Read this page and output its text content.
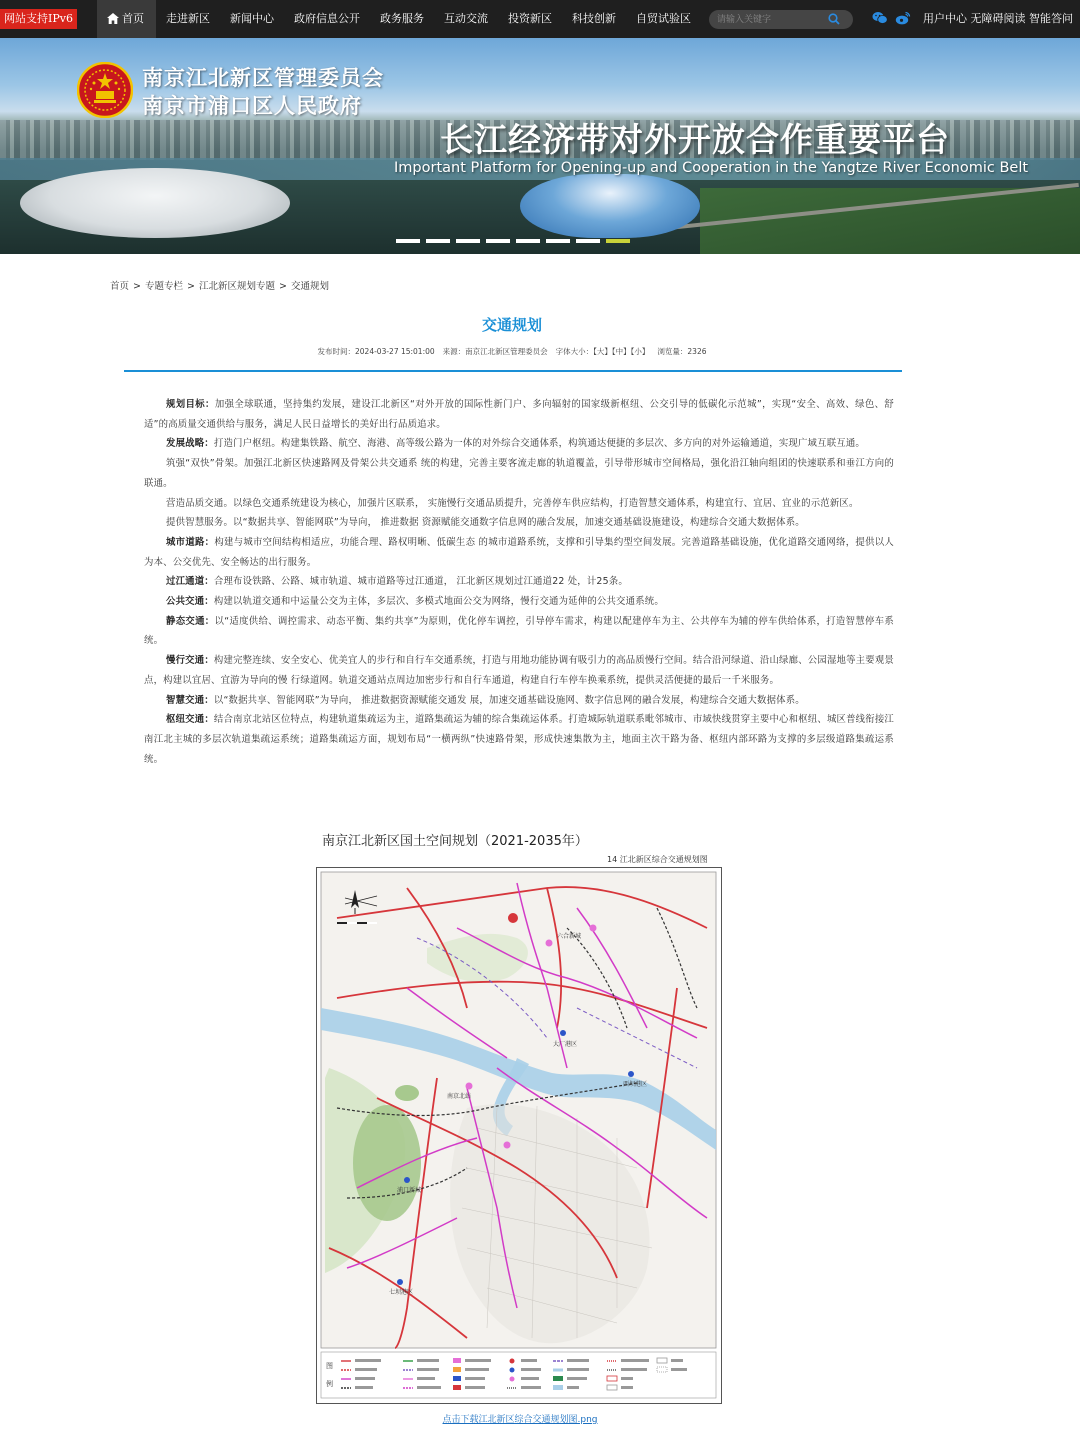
网站支持IPv6	首页	走进新区	新闻中心	政府信息公开	政务服务	互动交流	投资新区	科技创新	自贸试验区
请输入关键字	用户中心 无障碍阅读 智能答问
南京江北新区管理委员会
南京市浦口区人民政府
长江经济带对外开放合作重要平台
Important Platform for Opening-up and Cooperation in the Yangtze River Economic Belt
首页 > 专题专栏 > 江北新区规划专题 > 交通规划
交通规划
发布时间：2024-03-27 15:01:00 来源：南京江北新区管理委员会 字体大小：【大】【中】【小】 浏览量：2326

规划目标：加强全球联通，坚持集约发展，建设江北新区“对外开放的国际性新门户、多向辐射的国家级新枢纽、公交引导的低碳化示范城”，实现“安全、高效、绿色、舒适”的高质量交通供给与服务，满足人民日益增长的美好出行品质追求。

发展战略：打造门户枢纽。构建集铁路、航空、海港、高等级公路为一体的对外综合交通体系，构筑通达便捷的多层次、多方向的对外运输通道，实现广域互联互通。

筑强“双快”骨架。加强江北新区快速路网及骨架公共交通系 统的构建，完善主要客流走廊的轨道覆盖，引导带形城市空间格局，强化沿江轴向组团的快速联系和垂江方向的联通。

营造品质交通。以绿色交通系统建设为核心，加强片区联系， 实施慢行交通品质提升，完善停车供应结构，打造智慧交通体系，构建宜行、宜居、宜业的示范新区。

提供智慧服务。以“数据共享、智能网联”为导向， 推进数据 资源赋能交通数字信息网的融合发展，加速交通基础设施建设，构建综合交通大数据体系。

城市道路：构建与城市空间结构相适应，功能合理、路权明晰、低碳生态 的城市道路系统，支撑和引导集约型空间发展。完善道路基础设施，优化道路交通网络，提供以人为本、公交优先、安全畅达的出行服务。

过江通道：合理布设铁路、公路、城市轨道、城市道路等过江通道， 江北新区规划过江通道22 处，计25条。

公共交通：构建以轨道交通和中运量公交为主体，多层次、多模式地面公交为网络，慢行交通为延伸的公共交通系统。

静态交通：以“适度供给、调控需求、动态平衡、集约共享”为原则，优化停车调控，引导停车需求，构建以配建停车为主、公共停车为辅的停车供给体系，打造智慧停车系统。

慢行交通：构建完整连续、安全安心、优美宜人的步行和自行车交通系统，打造与用地功能协调有吸引力的高品质慢行空间。结合沿河绿道、沿山绿廊、公园湿地等主要观景点，构建以宜居、宜游为导向的慢 行绿道网。轨道交通站点周边加密步行和自行车通道，构建自行车停车换乘系统，提供灵活便捷的最后一千米服务。

智慧交通：以“数据共享、智能网联”为导向， 推进数据资源赋能交通发 展，加速交通基础设施网、数字信息网的融合发展，构建综合交通大数据体系。

枢纽交通：结合南京北站区位特点，构建轨道集疏运为主，道路集疏运为辅的综合集疏运体系。打造城际轨道联系毗邻城市、市域快线贯穿主要中心和枢纽、城区普线衔接江南江北主城的多层次轨道集疏运系统；道路集疏运方面，规划布局“一横两纵”快速路骨架，形成快速集散为主，地面主次干路为备、枢纽内部环路为支撑的多层级道路集疏运系统。

南京江北新区国土空间规划（2021-2035年）
14 江北新区综合交通规划图
六合新城
大厂港区
浦口新城
南京北站
七坝港区
西坝港区
图
例
点击下载江北新区综合交通规划图.png
